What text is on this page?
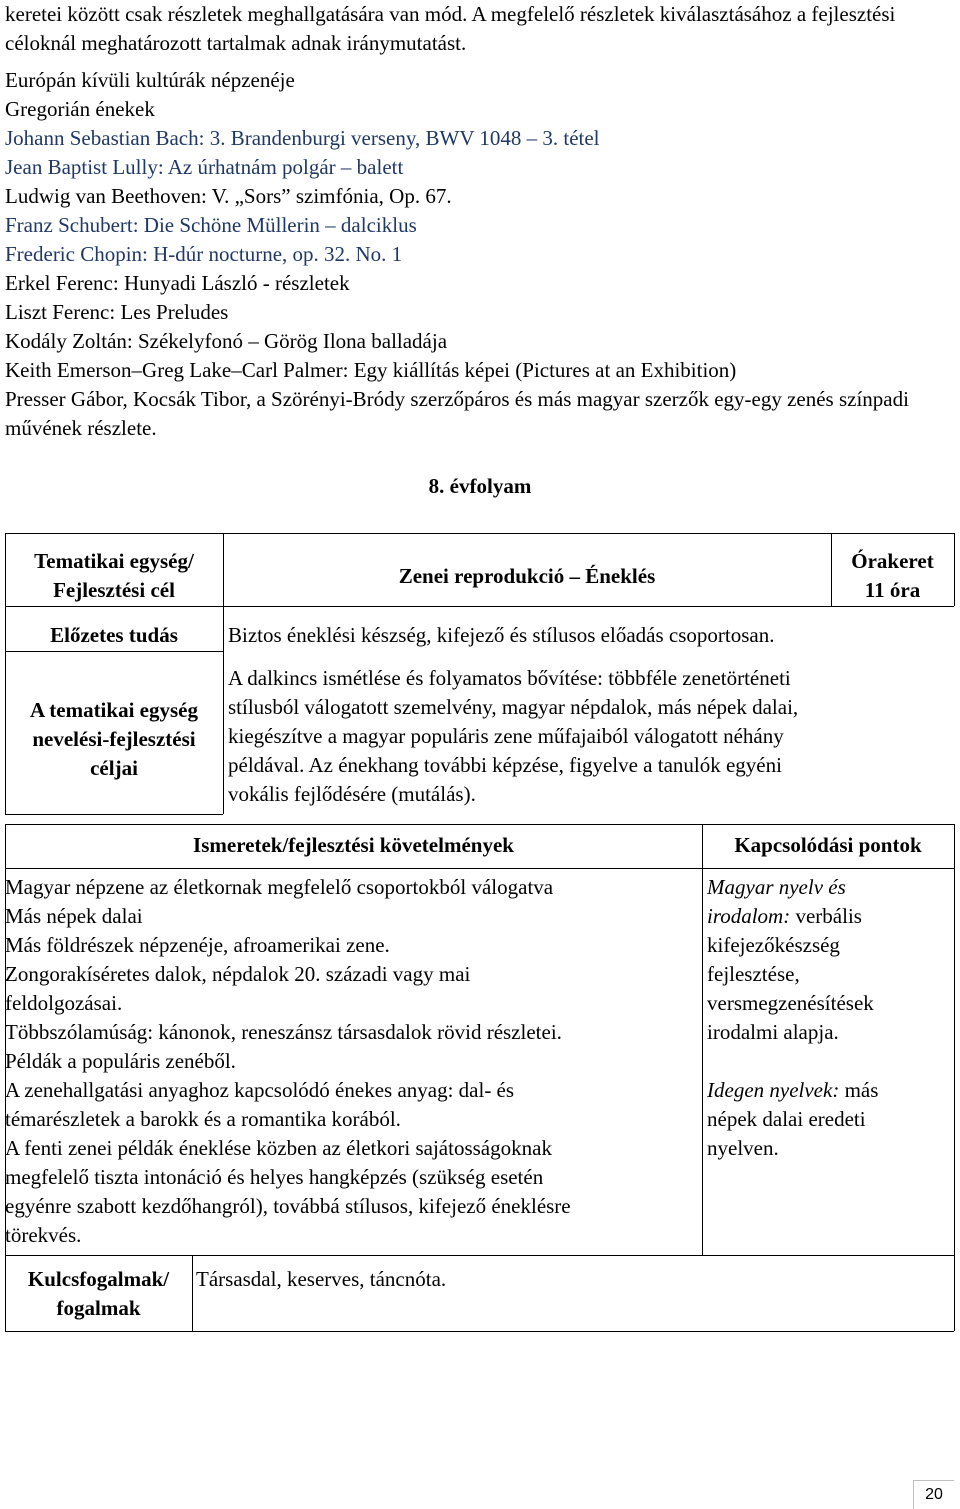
keretei között csak részletek meghallgatására van mód. A megfelelő részletek kiválasztásához a fejlesztési céloknál meghatározott tartalmak adnak iránymutatást.

Európán kívüli kultúrák népzenéje
Gregorián énekek
Johann Sebastian Bach: 3. Brandenburgi verseny, BWV 1048 – 3. tétel
Jean Baptist Lully: Az úrhatnám polgár – balett
Ludwig van Beethoven: V. „Sors” szimfónia, Op. 67.
Franz Schubert: Die Schöne Müllerin – dalciklus
Frederic Chopin: H-dúr nocturne, op. 32. No. 1
Erkel Ferenc: Hunyadi László - részletek
Liszt Ferenc: Les Preludes
Kodály Zoltán: Székelyfonó – Görög Ilona balladája
Keith Emerson–Greg Lake–Carl Palmer: Egy kiállítás képei (Pictures at an Exhibition)
Presser Gábor, Kocsák Tibor, a Szörényi-Bródy szerzőpáros és más magyar szerzők egy-egy zenés színpadi művének részlete.
8. évfolyam
Tematikai egység/
Fejlesztési cél
Zenei reprodukció – Éneklés
Órakeret
11 óra
Előzetes tudás	Biztos éneklési készség, kifejező és stílusos előadás csoportosan.
A tematikai egység
nevelési-fejlesztési
céljai
A dalkincs ismétlése és folyamatos bővítése: többféle zenetörténeti
stílusból válogatott szemelvény, magyar népdalok, más népek dalai,
kiegészítve a magyar populáris zene műfajaiból válogatott néhány
példával. Az énekhang további képzése, figyelve a tanulók egyéni
vokális fejlődésére (mutálás).
Ismeretek/fejlesztési követelmények	Kapcsolódási pontok
Magyar népzene az életkornak megfelelő csoportokból válogatva
Más népek dalai
Más földrészek népzenéje, afroamerikai zene.
Zongorakíséretes dalok, népdalok 20. századi vagy mai
feldolgozásai.
Többszólamúság: kánonok, reneszánsz társasdalok rövid részletei.
Példák a populáris zenéből.
A zenehallgatási anyaghoz kapcsolódó énekes anyag: dal- és
témarészletek a barokk és a romantika korából.
A fenti zenei példák éneklése közben az életkori sajátosságoknak
megfelelő tiszta intonáció és helyes hangképzés (szükség esetén
egyénre szabott kezdőhangról), továbbá stílusos, kifejező éneklésre
törekvés.
Magyar nyelv és
irodalom: verbális
kifejezőkészség
fejlesztése,
versmegzenésítések
irodalmi alapja.
Idegen nyelvek: más
népek dalai eredeti
nyelven.
Kulcsfogalmak/
fogalmak
Társasdal, keserves, táncnóta.
20
